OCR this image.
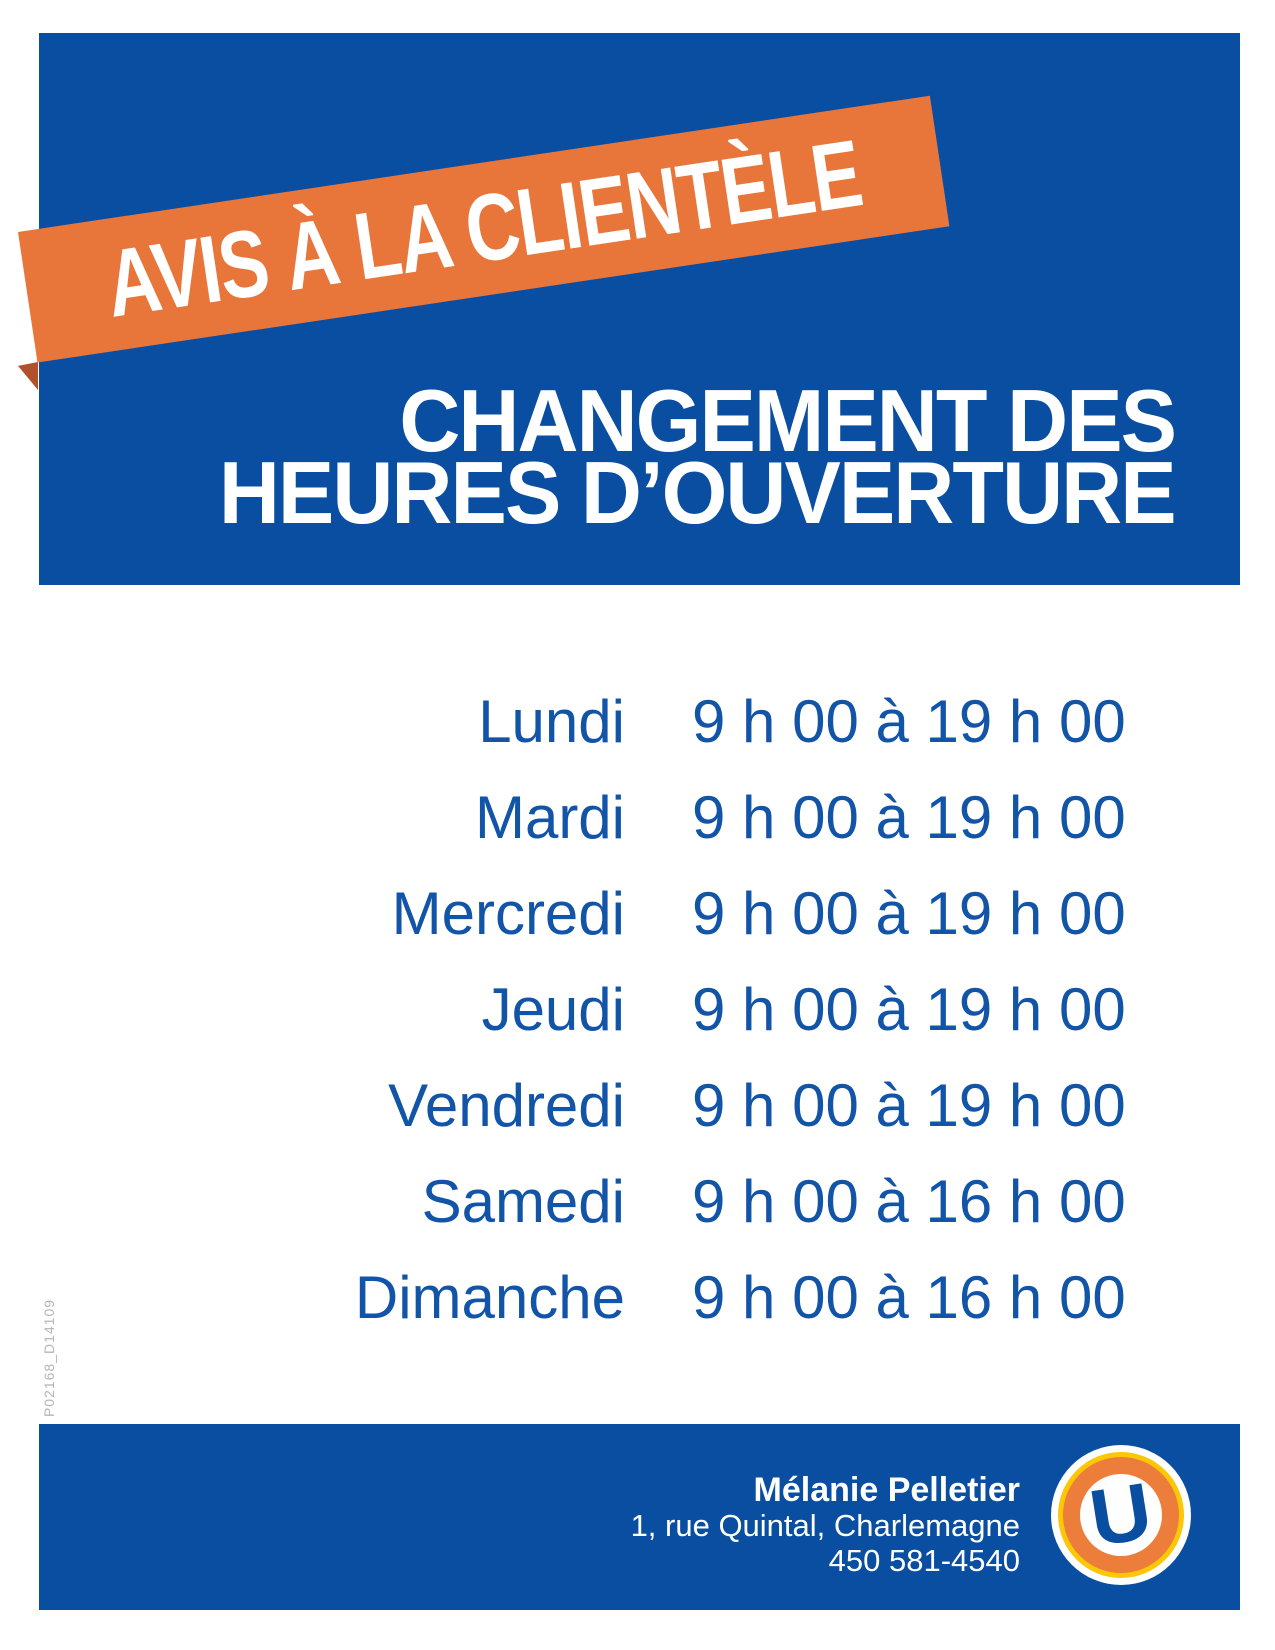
CHANGEMENT DES
HEURES D’OUVERTURE
AVIS À LA CLIENTÈLE
Lundi 9 h 00 à 19 h 00
Mardi 9 h 00 à 19 h 00
Mercredi 9 h 00 à 19 h 00
Jeudi 9 h 00 à 19 h 00
Vendredi 9 h 00 à 19 h 00
Samedi 9 h 00 à 16 h 00
Dimanche 9 h 00 à 16 h 00
P02168_D14109
Mélanie Pelletier
1, rue Quintal, Charlemagne
450 581-4540 U
